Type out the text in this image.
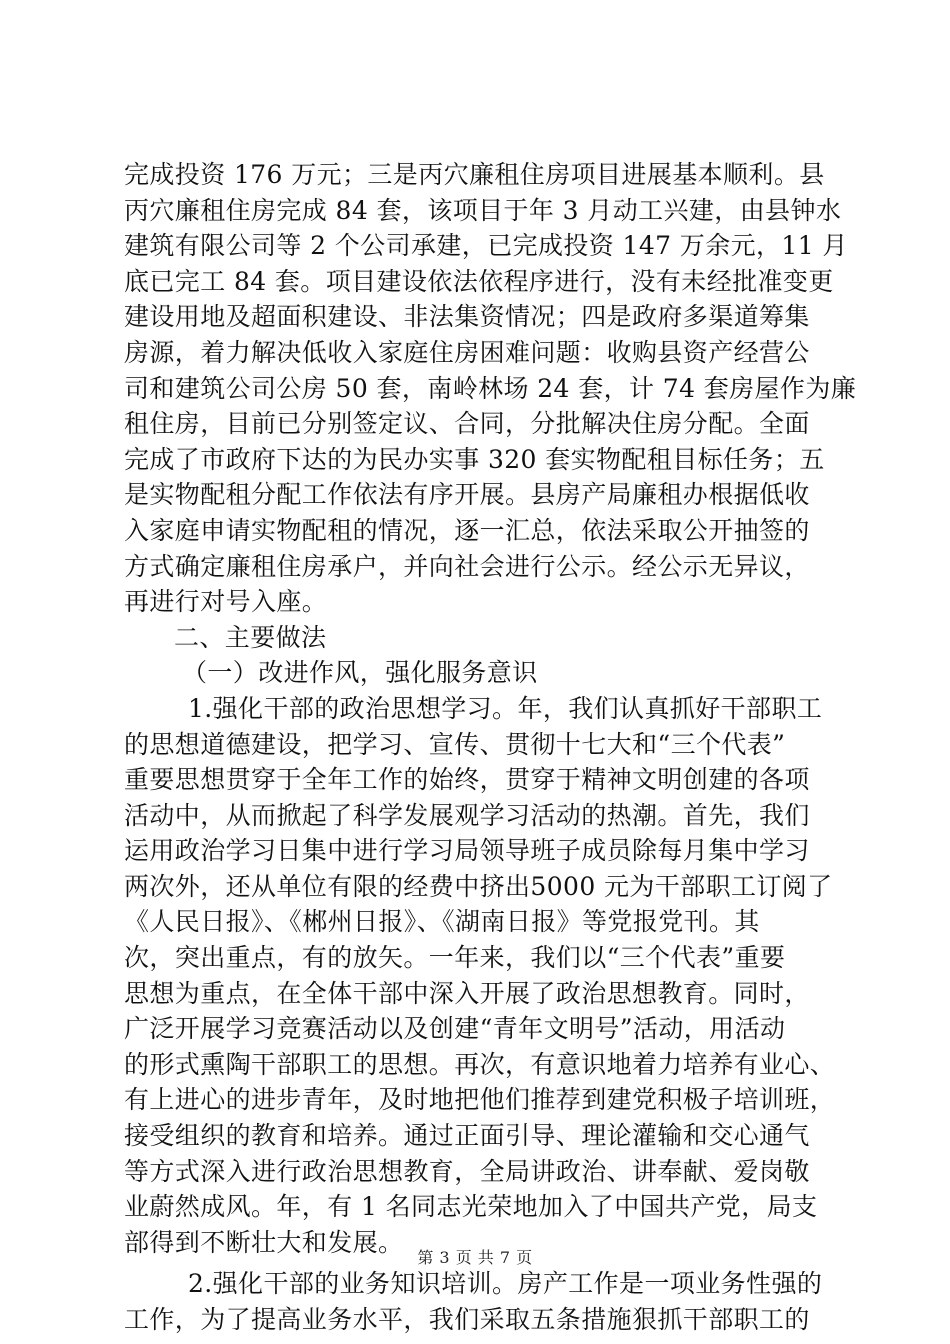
完成投资 176 万元；三是丙穴廉租住房项目进展基本顺利。县
丙穴廉租住房完成 84 套，该项目于年 3 月动工兴建，由县钟水
建筑有限公司等 2 个公司承建，已完成投资 147 万余元，11 月
底已完工 84 套。项目建设依法依程序进行，没有未经批准变更
建设用地及超面积建设、非法集资情况；四是政府多渠道筹集
房源，着力解决低收入家庭住房困难问题：收购县资产经营公
司和建筑公司公房 50 套，南岭林场 24 套，计 74 套房屋作为廉
租住房，目前已分别签定议、合同，分批解决住房分配。全面
完成了市政府下达的为民办实事 320 套实物配租目标任务；五
是实物配租分配工作依法有序开展。县房产局廉租办根据低收
入家庭申请实物配租的情况，逐一汇总，依法采取公开抽签的
方式确定廉租住房承户，并向社会进行公示。经公示无异议，
再进行对号入座。
二、主要做法
（一）改进作风，强化服务意识
1.强化干部的政治思想学习。年，我们认真抓好干部职工
的思想道德建设，把学习、宣传、贯彻十七大和“三个代表”
重要思想贯穿于全年工作的始终，贯穿于精神文明创建的各项
活动中，从而掀起了科学发展观学习活动的热潮。首先，我们
运用政治学习日集中进行学习局领导班子成员除每月集中学习
两次外，还从单位有限的经费中挤出5000 元为干部职工订阅了
《人民日报》、《郴州日报》、《湖南日报》等党报党刊。其
次，突出重点，有的放矢。一年来，我们以“三个代表”重要
思想为重点，在全体干部中深入开展了政治思想教育。同时，
广泛开展学习竞赛活动以及创建“青年文明号”活动，用活动
的形式熏陶干部职工的思想。再次，有意识地着力培养有业心、
有上进心的进步青年，及时地把他们推荐到建党积极子培训班，
接受组织的教育和培养。通过正面引导、理论灌输和交心通气
等方式深入进行政治思想教育，全局讲政治、讲奉献、爱岗敬
业蔚然成风。年，有 1 名同志光荣地加入了中国共产党，局支
部得到不断壮大和发展。
2.强化干部的业务知识培训。房产工作是一项业务性强的
工作，为了提高业务水平，我们采取五条措施狠抓干部职工的
第 3 页 共 7 页
